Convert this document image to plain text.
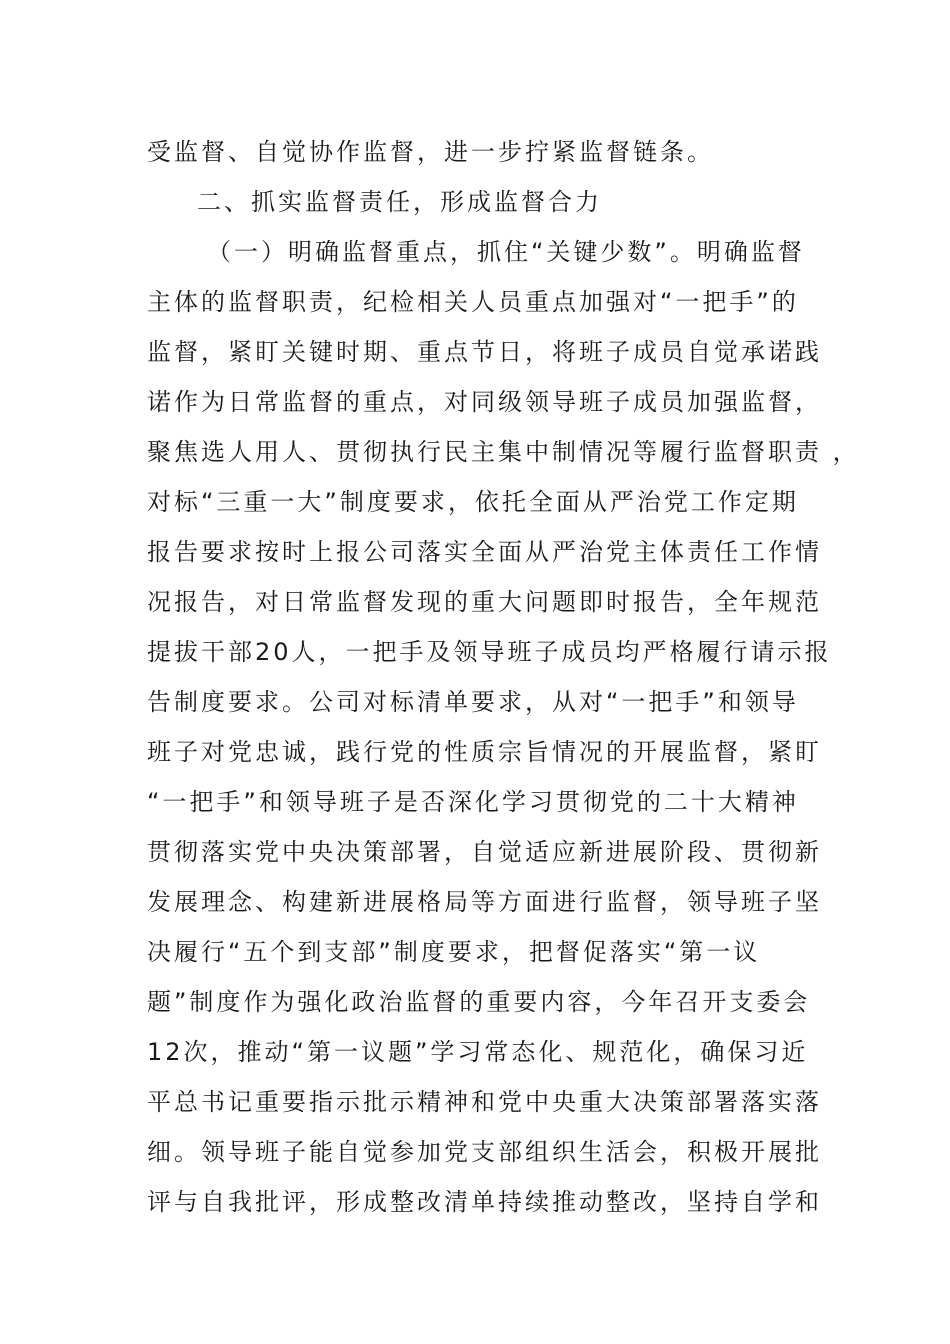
受监督、自觉协作监督，进一步拧紧监督链条。
二、抓实监督责任，形成监督合力
（一）明确监督重点，抓住“关键少数”。明确监督
主体的监督职责，纪检相关人员重点加强对“一把手”的
监督，紧盯关键时期、重点节日，将班子成员自觉承诺践
诺作为日常监督的重点，对同级领导班子成员加强监督，
聚焦选人用人、贯彻执行民主集中制情况等履行监督职责 ，
对标“三重一大”制度要求，依托全面从严治党工作定期
报告要求按时上报公司落实全面从严治党主体责任工作情
况报告，对日常监督发现的重大问题即时报告，全年规范
提拔干部20人，一把手及领导班子成员均严格履行请示报
告制度要求。公司对标清单要求，从对“一把手”和领导
班子对党忠诚，践行党的性质宗旨情况的开展监督，紧盯
“一把手”和领导班子是否深化学习贯彻党的二十大精神
贯彻落实党中央决策部署，自觉适应新进展阶段、贯彻新
发展理念、构建新进展格局等方面进行监督，领导班子坚
决履行“五个到支部”制度要求，把督促落实“第一议
题”制度作为强化政治监督的重要内容，今年召开支委会
12次，推动“第一议题”学习常态化、规范化，确保习近
平总书记重要指示批示精神和党中央重大决策部署落实落
细。领导班子能自觉参加党支部组织生活会，积极开展批
评与自我批评，形成整改清单持续推动整改，坚持自学和
